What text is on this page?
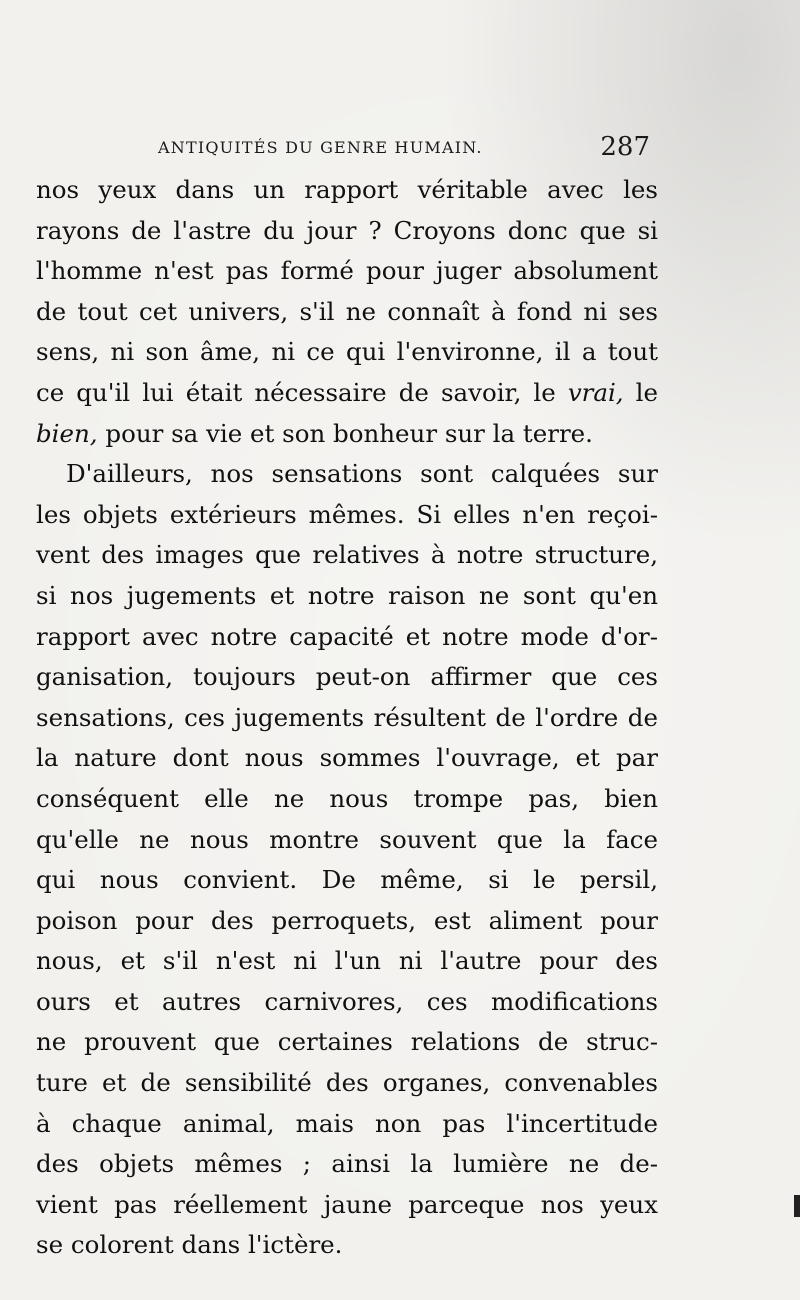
ANTIQUITÉS DU GENRE HUMAIN.	287
nos yeux dans un rapport véritable avec les
rayons de l'astre du jour ? Croyons donc que si
l'homme n'est pas formé pour juger absolument
de tout cet univers, s'il ne connaît à fond ni ses
sens, ni son âme, ni ce qui l'environne, il a tout
ce qu'il lui était nécessaire de savoir, le vrai, le
bien, pour sa vie et son bonheur sur la terre.
D'ailleurs, nos sensations sont calquées sur
les objets extérieurs mêmes. Si elles n'en reçoi-
vent des images que relatives à notre structure,
si nos jugements et notre raison ne sont qu'en
rapport avec notre capacité et notre mode d'or-
ganisation, toujours peut-on affirmer que ces
sensations, ces jugements résultent de l'ordre de
la nature dont nous sommes l'ouvrage, et par
conséquent elle ne nous trompe pas, bien
qu'elle ne nous montre souvent que la face
qui nous convient. De même, si le persil,
poison pour des perroquets, est aliment pour
nous, et s'il n'est ni l'un ni l'autre pour des
ours et autres carnivores, ces modifications
ne prouvent que certaines relations de struc-
ture et de sensibilité des organes, convenables
à chaque animal, mais non pas l'incertitude
des objets mêmes ; ainsi la lumière ne de-
vient pas réellement jaune parceque nos yeux
se colorent dans l'ictère.
